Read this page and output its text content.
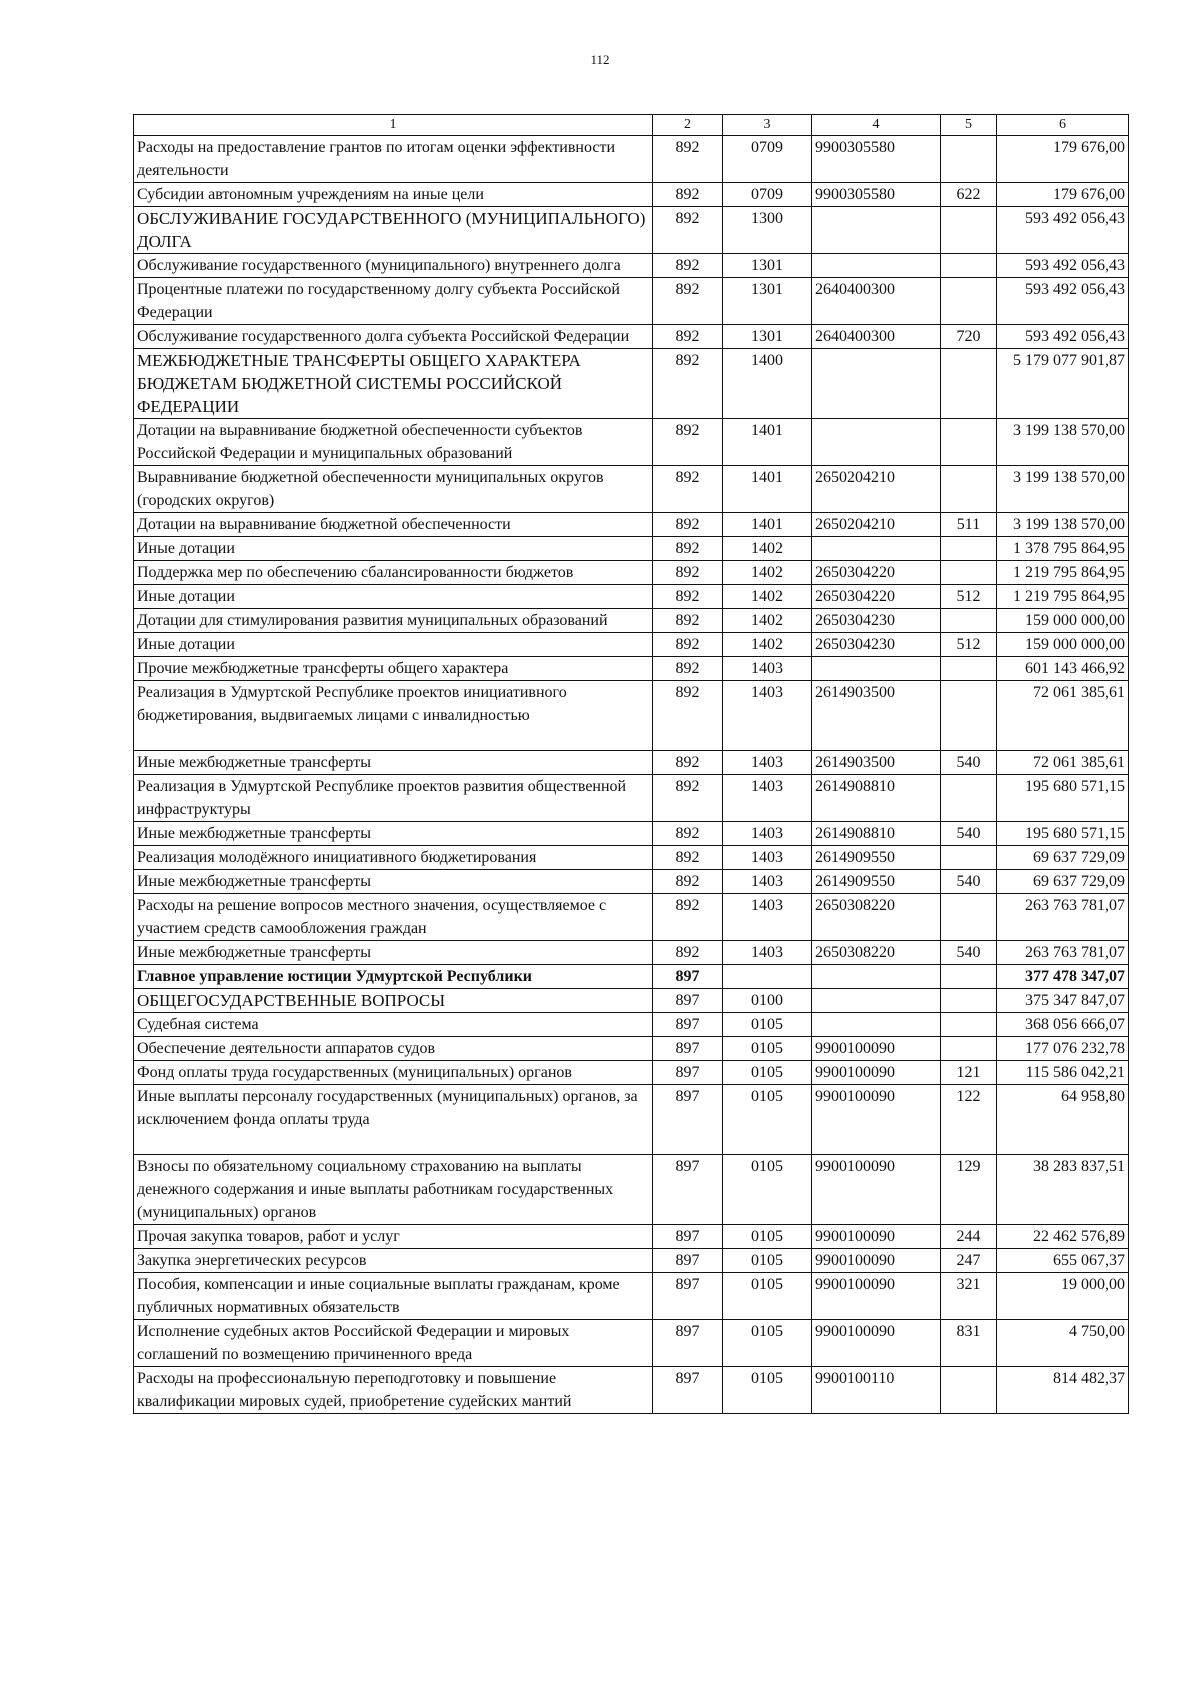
112
1	2	3	4	5	6
Расходы на предоставление грантов по итогам оценки эффективности деятельности	892	0709	9900305580		179 676,00
Субсидии автономным учреждениям на иные цели	892	0709	9900305580	622	179 676,00
ОБСЛУЖИВАНИЕ ГОСУДАРСТВЕННОГО (МУНИЦИПАЛЬНОГО) ДОЛГА	892	1300			593 492 056,43
Обслуживание государственного (муниципального) внутреннего долга	892	1301			593 492 056,43
Процентные платежи по государственному долгу субъекта Российской Федерации	892	1301	2640400300		593 492 056,43
Обслуживание государственного долга субъекта Российской Федерации	892	1301	2640400300	720	593 492 056,43
МЕЖБЮДЖЕТНЫЕ ТРАНСФЕРТЫ ОБЩЕГО ХАРАКТЕРА БЮДЖЕТАМ БЮДЖЕТНОЙ СИСТЕМЫ РОССИЙСКОЙ ФЕДЕРАЦИИ	892	1400			5 179 077 901,87
Дотации на выравнивание бюджетной обеспеченности субъектов Российской Федерации и муниципальных образований	892	1401			3 199 138 570,00
Выравнивание бюджетной обеспеченности муниципальных округов (городских округов)	892	1401	2650204210		3 199 138 570,00
Дотации на выравнивание бюджетной обеспеченности	892	1401	2650204210	511	3 199 138 570,00
Иные дотации	892	1402			1 378 795 864,95
Поддержка мер по обеспечению сбалансированности бюджетов	892	1402	2650304220		1 219 795 864,95
Иные дотации	892	1402	2650304220	512	1 219 795 864,95
Дотации для стимулирования развития муниципальных образований	892	1402	2650304230		159 000 000,00
Иные дотации	892	1402	2650304230	512	159 000 000,00
Прочие межбюджетные трансферты общего характера	892	1403			601 143 466,92
Реализация в Удмуртской Республике проектов инициативного бюджетирования, выдвигаемых лицами с инвалидностью	892	1403	2614903500		72 061 385,61
Иные межбюджетные трансферты	892	1403	2614903500	540	72 061 385,61
Реализация в Удмуртской Республике проектов развития общественной инфраструктуры	892	1403	2614908810		195 680 571,15
Иные межбюджетные трансферты	892	1403	2614908810	540	195 680 571,15
Реализация молодёжного инициативного бюджетирования	892	1403	2614909550		69 637 729,09
Иные межбюджетные трансферты	892	1403	2614909550	540	69 637 729,09
Расходы на решение вопросов местного значения, осуществляемое с участием средств самообложения граждан	892	1403	2650308220		263 763 781,07
Иные межбюджетные трансферты	892	1403	2650308220	540	263 763 781,07
Главное управление юстиции Удмуртской Республики	897				377 478 347,07
ОБЩЕГОСУДАРСТВЕННЫЕ ВОПРОСЫ	897	0100			375 347 847,07
Судебная система	897	0105			368 056 666,07
Обеспечение деятельности аппаратов судов	897	0105	9900100090		177 076 232,78
Фонд оплаты труда государственных (муниципальных) органов	897	0105	9900100090	121	115 586 042,21
Иные выплаты персоналу государственных (муниципальных) органов, за исключением фонда оплаты труда	897	0105	9900100090	122	64 958,80
Взносы по обязательному социальному страхованию на выплаты денежного содержания и иные выплаты работникам государственных (муниципальных) органов	897	0105	9900100090	129	38 283 837,51
Прочая закупка товаров, работ и услуг	897	0105	9900100090	244	22 462 576,89
Закупка энергетических ресурсов	897	0105	9900100090	247	655 067,37
Пособия, компенсации и иные социальные выплаты гражданам, кроме публичных нормативных обязательств	897	0105	9900100090	321	19 000,00
Исполнение судебных актов Российской Федерации и мировых соглашений по возмещению причиненного вреда	897	0105	9900100090	831	4 750,00
Расходы на профессиональную переподготовку и повышение квалификации мировых судей, приобретение судейских мантий	897	0105	9900100110		814 482,37
